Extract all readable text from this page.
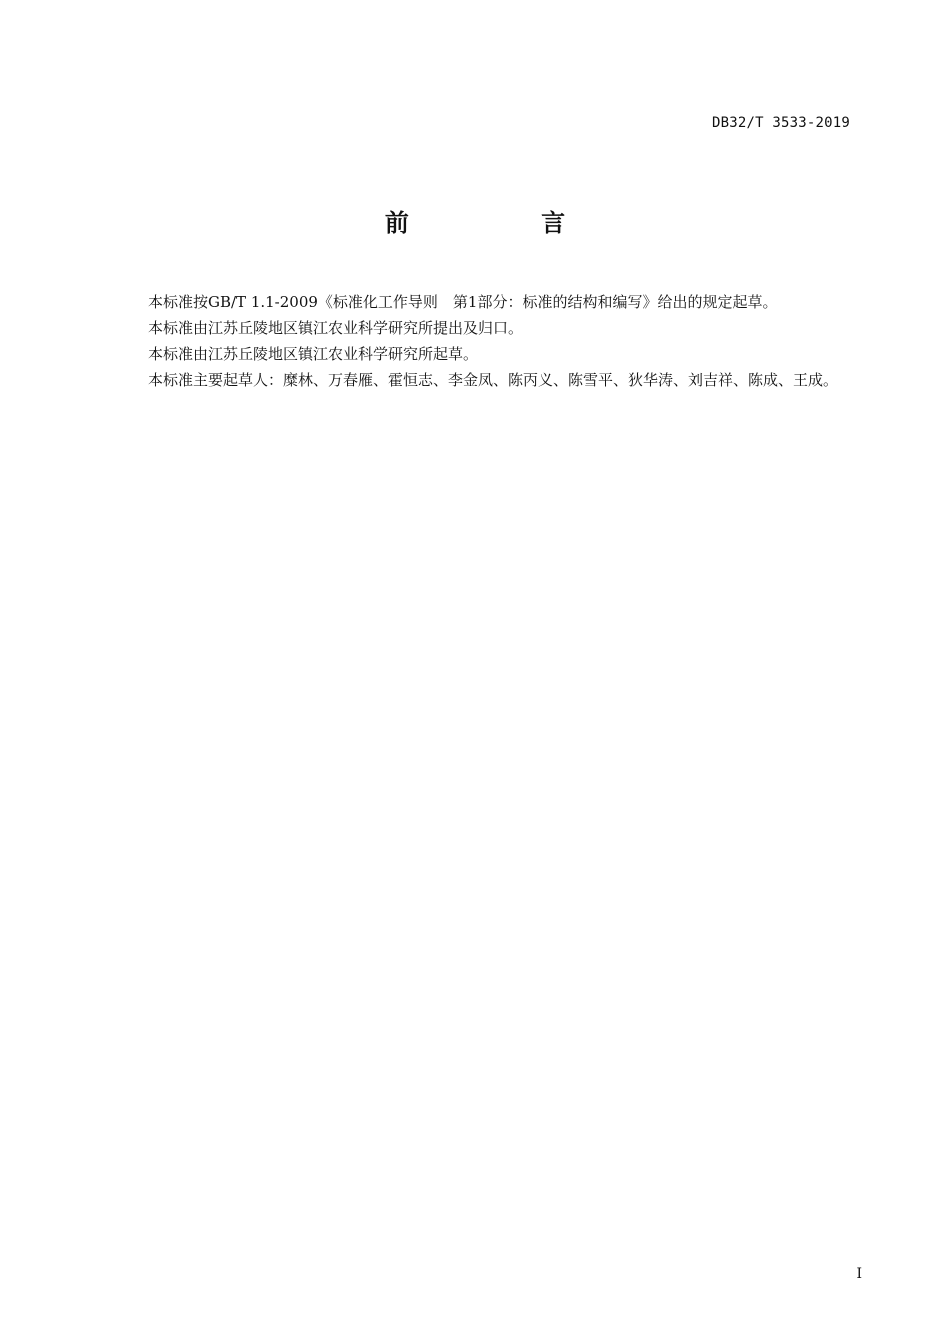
DB32/T 3533-2019
前 言

本标准按GB/T 1.1-2009《标准化工作导则　第1部分：标准的结构和编写》给出的规定起草。

本标准由江苏丘陵地区镇江农业科学研究所提出及归口。

本标准由江苏丘陵地区镇江农业科学研究所起草。

本标准主要起草人：糜林、万春雁、霍恒志、李金凤、陈丙义、陈雪平、狄华涛、刘吉祥、陈成、王成。

I
